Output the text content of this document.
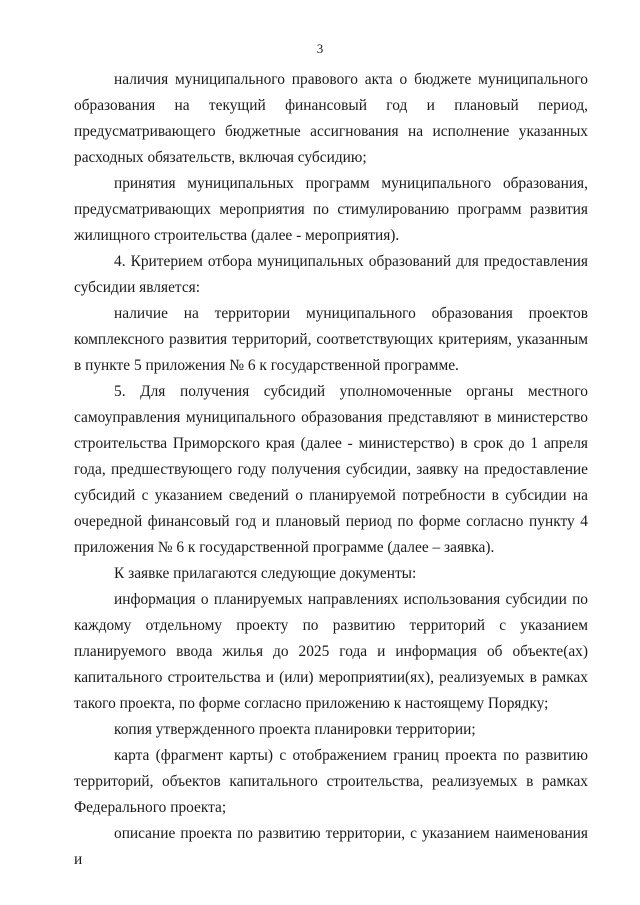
3

наличия муниципального правового акта о бюджете муниципального образования на текущий финансовый год и плановый период, предусматривающего бюджетные ассигнования на исполнение указанных расходных обязательств, включая субсидию;

принятия муниципальных программ муниципального образования, предусматривающих мероприятия по стимулированию программ развития жилищного строительства (далее - мероприятия).

4. Критерием отбора муниципальных образований для предоставления субсидии является:

наличие на территории муниципального образования проектов комплексного развития территорий, соответствующих критериям, указанным в пункте 5 приложения № 6 к государственной программе.

5. Для получения субсидий уполномоченные органы местного самоуправления муниципального образования представляют в министерство строительства Приморского края (далее - министерство) в срок до 1 апреля года, предшествующего году получения субсидии, заявку на предоставление субсидий с указанием сведений о планируемой потребности в субсидии на очередной финансовый год и плановый период по форме согласно пункту 4 приложения № 6 к государственной программе (далее – заявка).

К заявке прилагаются следующие документы:

информация о планируемых направлениях использования субсидии по каждому отдельному проекту по развитию территорий с указанием планируемого ввода жилья до 2025 года и информация об объекте(ах) капитального строительства и (или) мероприятии(ях), реализуемых в рамках такого проекта, по форме согласно приложению к настоящему Порядку;

копия утвержденного проекта планировки территории;

карта (фрагмент карты) с отображением границ проекта по развитию территорий, объектов капитального строительства, реализуемых в рамках Федерального проекта;

описание проекта по развитию территории, с указанием наименования и
